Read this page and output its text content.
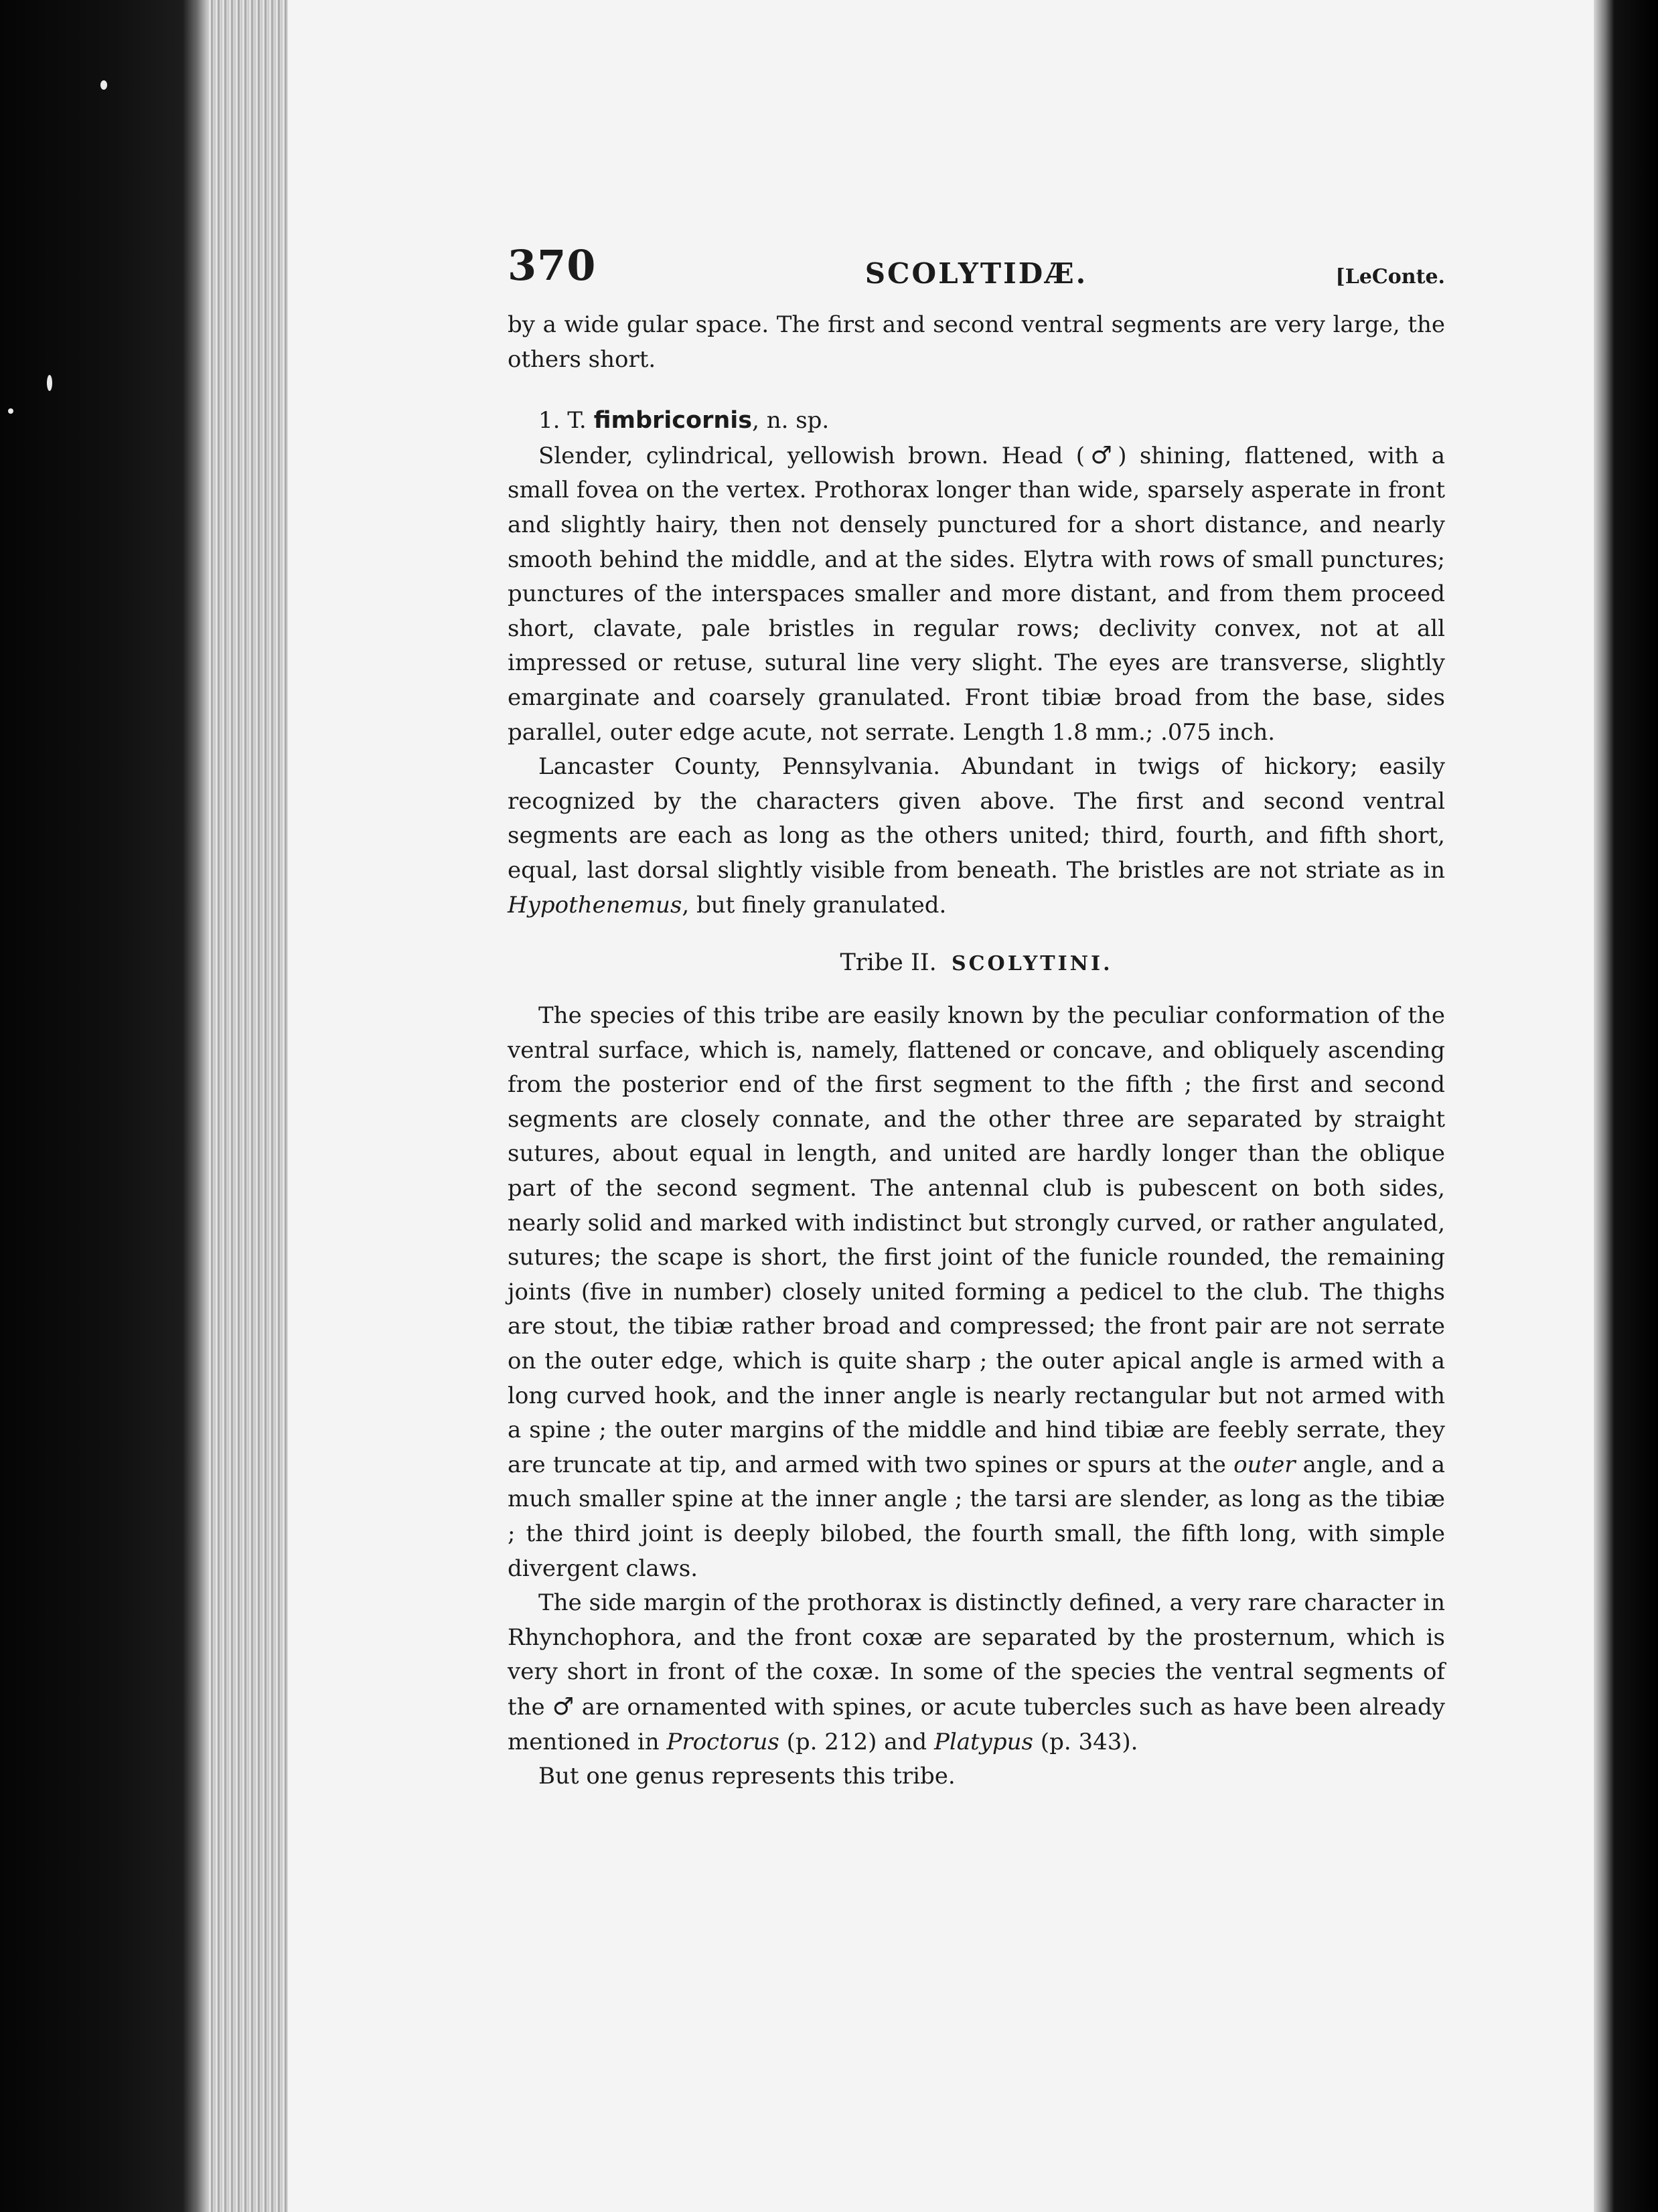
370	SCOLYTIDÆ.	[LeConte.

by a wide gular space. The first and second ventral segments are very large, the others short.

1. T. fimbricornis, n. sp.

Slender, cylindrical, yellowish brown. Head (♂) shining, flattened, with a small fovea on the vertex. Prothorax longer than wide, sparsely asperate in front and slightly hairy, then not densely punctured for a short distance, and nearly smooth behind the middle, and at the sides. Elytra with rows of small punctures; punctures of the interspaces smaller and more distant, and from them proceed short, clavate, pale bristles in regular rows; declivity convex, not at all impressed or retuse, sutural line very slight. The eyes are transverse, slightly emarginate and coarsely granulated. Front tibiæ broad from the base, sides parallel, outer edge acute, not serrate. Length 1.8 mm.; .075 inch.

Lancaster County, Pennsylvania. Abundant in twigs of hickory; easily recognized by the characters given above. The first and second ventral segments are each as long as the others united; third, fourth, and fifth short, equal, last dorsal slightly visible from beneath. The bristles are not striate as in Hypothenemus, but finely granulated.

Tribe II. SCOLYTINI.

The species of this tribe are easily known by the peculiar conformation of the ventral surface, which is, namely, flattened or concave, and obliquely ascending from the posterior end of the first segment to the fifth ; the first and second segments are closely connate, and the other three are separated by straight sutures, about equal in length, and united are hardly longer than the oblique part of the second segment. The antennal club is pubescent on both sides, nearly solid and marked with indistinct but strongly curved, or rather angulated, sutures; the scape is short, the first joint of the funicle rounded, the remaining joints (five in number) closely united forming a pedicel to the club. The thighs are stout, the tibiæ rather broad and compressed; the front pair are not serrate on the outer edge, which is quite sharp ; the outer apical angle is armed with a long curved hook, and the inner angle is nearly rectangular but not armed with a spine ; the outer margins of the middle and hind tibiæ are feebly serrate, they are truncate at tip, and armed with two spines or spurs at the outer angle, and a much smaller spine at the inner angle ; the tarsi are slender, as long as the tibiæ ; the third joint is deeply bilobed, the fourth small, the fifth long, with simple divergent claws.

The side margin of the prothorax is distinctly defined, a very rare character in Rhynchophora, and the front coxæ are separated by the prosternum, which is very short in front of the coxæ. In some of the species the ventral segments of the ♂ are ornamented with spines, or acute tubercles such as have been already mentioned in Proctorus (p. 212) and Platypus (p. 343).

But one genus represents this tribe.
